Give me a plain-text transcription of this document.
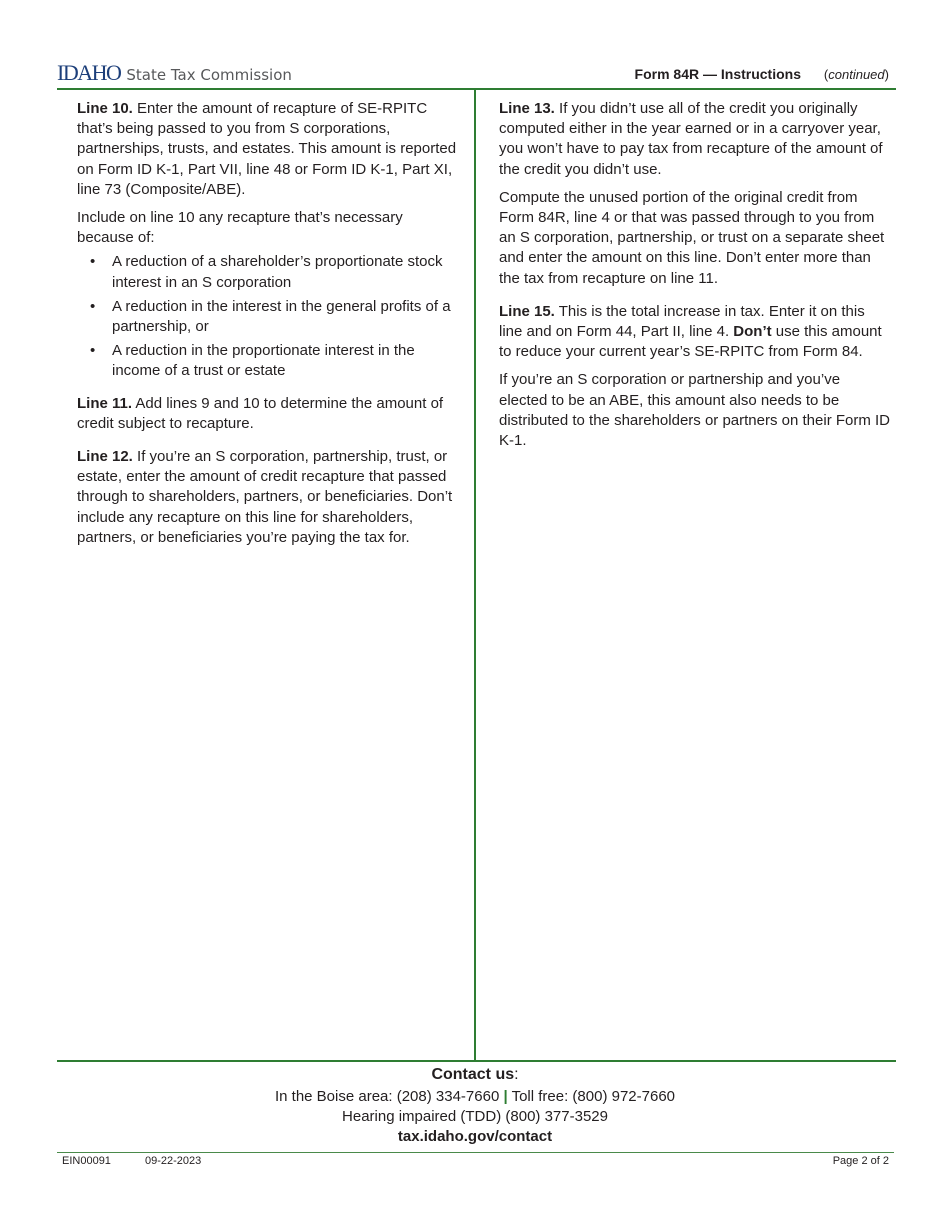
IDAHO State Tax Commission	Form 84R — Instructions (continued)

Line 10. Enter the amount of recapture of SE-RPITC that’s being passed to you from S corporations, partnerships, trusts, and estates. This amount is reported on Form ID K-1, Part VII, line 48 or Form ID K-1, Part XI, line 73 (Composite/ABE).

Include on line 10 any recapture that’s necessary because of:

• A reduction of a shareholder’s proportionate stock interest in an S corporation
• A reduction in the interest in the general profits of a partnership, or
• A reduction in the proportionate interest in the income of a trust or estate

Line 11. Add lines 9 and 10 to determine the amount of credit subject to recapture.

Line 12. If you’re an S corporation, partnership, trust, or estate, enter the amount of credit recapture that passed through to shareholders, partners, or beneficiaries. Don’t include any recapture on this line for shareholders, partners, or beneficiaries you’re paying the tax for.

Line 13. If you didn’t use all of the credit you originally computed either in the year earned or in a carryover year, you won’t have to pay tax from recapture of the amount of the credit you didn’t use.

Compute the unused portion of the original credit from Form 84R, line 4 or that was passed through to you from an S corporation, partnership, or trust on a separate sheet and enter the amount on this line. Don’t enter more than the tax from recapture on line 11.

Line 15. This is the total increase in tax. Enter it on this line and on Form 44, Part II, line 4. Don’t use this amount to reduce your current year’s SE-RPITC from Form 84.

If you’re an S corporation or partnership and you’ve elected to be an ABE, this amount also needs to be distributed to the shareholders or partners on their Form ID K-1.

Contact us:
In the Boise area: (208) 334-7660 | Toll free: (800) 972-7660
Hearing impaired (TDD) (800) 377-3529
tax.idaho.gov/contact
EIN00091	09-22-2023	Page 2 of 2
